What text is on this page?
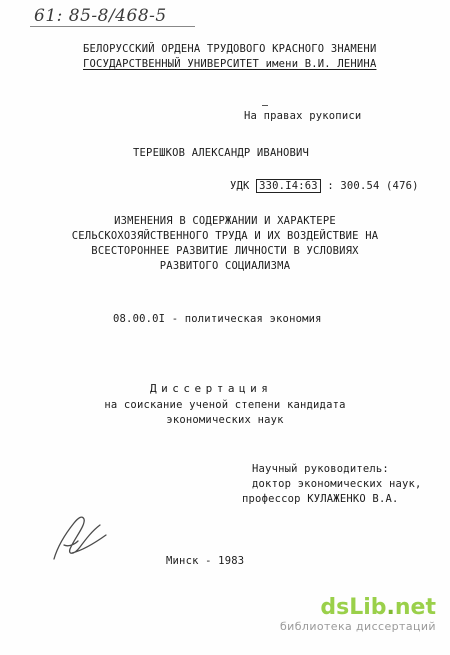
61: 85-8/468-5
БЕЛОРУССКИЙ ОРДЕНА ТРУДОВОГО КРАСНОГО ЗНАМЕНИ
ГОСУДАРСТВЕННЫЙ УНИВЕРСИТЕТ имени В.И. ЛЕНИНА
На правах рукописи
ТЕРЕШКОВ АЛЕКСАНДР ИВАНОВИЧ
УДК 330.I4:63 : 300.54 (476)
ИЗМЕНЕНИЯ В СОДЕРЖАНИИ И ХАРАКТЕРЕ
СЕЛЬСКОХОЗЯЙСТВЕННОГО ТРУДА И ИХ ВОЗДЕЙСТВИЕ НА
ВСЕСТОРОННЕЕ РАЗВИТИЕ ЛИЧНОСТИ В УСЛОВИЯХ
РАЗВИТОГО СОЦИАЛИЗМА
08.00.0I - политическая экономия
Диссертация
на соискание ученой степени кандидата
экономических наук
Научный руководитель:
доктор экономических наук,
профессор КУЛАЖЕНКО В.А.
Минск - 1983
dsLib.net
библиотека диссертаций
